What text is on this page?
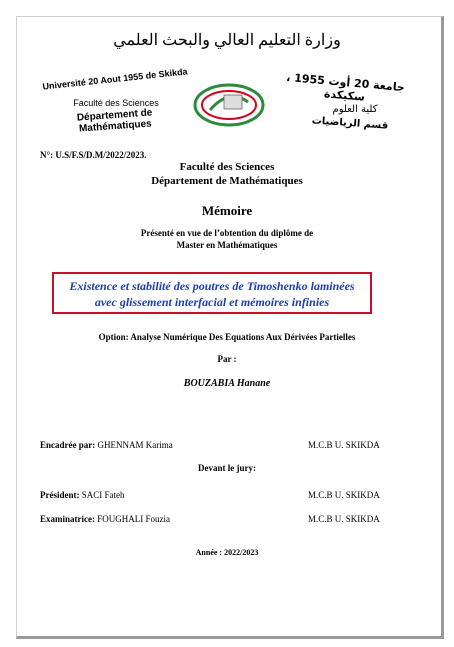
وزارة التعليم العالي والبحث العلمي
Université 20 Aout 1955 de Skikda
Faculté des Sciences
Département de Mathématiques
جامعة 20 أوت 1955 ، سكيكدة
كلية العلوم
قسم الرياضيات
N°: U.S/F.S/D.M/2022/2023.
Faculté des Sciences
Département de Mathématiques
Mémoire
Présenté en vue de l’obtention du diplôme de
Master en Mathématiques
Existence et stabilité des poutres de Timoshenko laminées
avec glissement interfacial et mémoires infinies
Option: Analyse Numérique Des Equations Aux Dérivées Partielles
Par :
BOUZABIA Hanane
Encadrée par: GHENNAM Karima	M.C.B U. SKIKDA
Devant le jury:
Président: SACI Fateh	M.C.B U. SKIKDA
Examinatrice: FOUGHALI Fouzia	M.C.B U. SKIKDA
Année : 2022/2023
